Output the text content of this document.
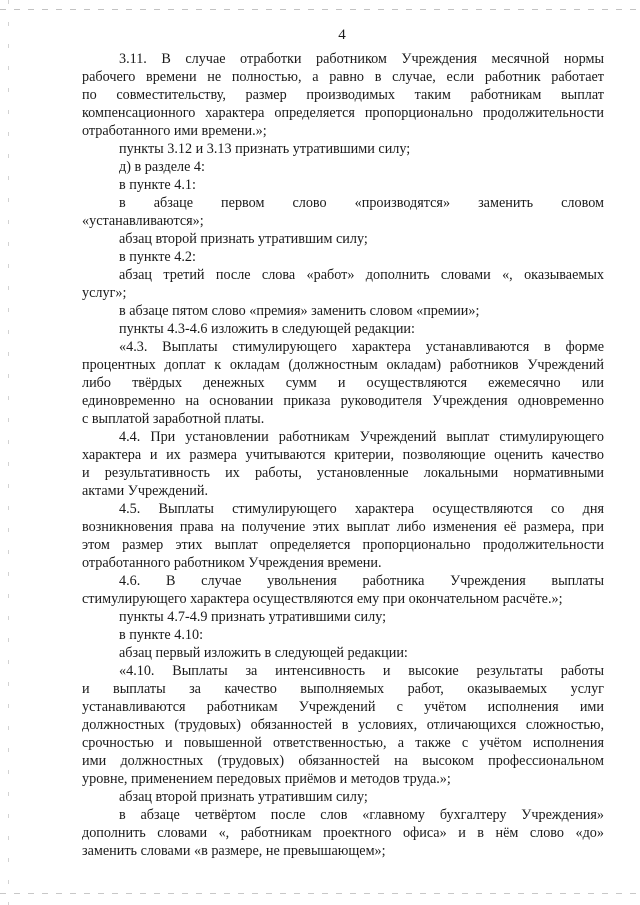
4
3.11. В случае отработки работником Учреждения месячной нормы
рабочего времени не полностью, а равно в случае, если работник работает
по совместительству, размер производимых таким работникам выплат
компенсационного характера определяется пропорционально продолжительности
отработанного ими времени.»;
пункты 3.12 и 3.13 признать утратившими силу;
д) в разделе 4:
в пункте 4.1:
в абзаце первом слово «производятся» заменить словом
«устанавливаются»;
абзац второй признать утратившим силу;
в пункте 4.2:
абзац третий после слова «работ» дополнить словами «, оказываемых
услуг»;
в абзаце пятом слово «премия» заменить словом «премии»;
пункты 4.3-4.6 изложить в следующей редакции:
«4.3. Выплаты стимулирующего характера устанавливаются в форме
процентных доплат к окладам (должностным окладам) работников Учреждений
либо твёрдых денежных сумм и осуществляются ежемесячно или
единовременно на основании приказа руководителя Учреждения одновременно
с выплатой заработной платы.
4.4. При установлении работникам Учреждений выплат стимулирующего
характера и их размера учитываются критерии, позволяющие оценить качество
и результативность их работы, установленные локальными нормативными
актами Учреждений.
4.5. Выплаты стимулирующего характера осуществляются со дня
возникновения права на получение этих выплат либо изменения её размера, при
этом размер этих выплат определяется пропорционально продолжительности
отработанного работником Учреждения времени.
4.6. В случае увольнения работника Учреждения выплаты
стимулирующего характера осуществляются ему при окончательном расчёте.»;
пункты 4.7-4.9 признать утратившими силу;
в пункте 4.10:
абзац первый изложить в следующей редакции:
«4.10. Выплаты за интенсивность и высокие результаты работы
и выплаты за качество выполняемых работ, оказываемых услуг
устанавливаются работникам Учреждений с учётом исполнения ими
должностных (трудовых) обязанностей в условиях, отличающихся сложностью,
срочностью и повышенной ответственностью, а также с учётом исполнения
ими должностных (трудовых) обязанностей на высоком профессиональном
уровне, применением передовых приёмов и методов труда.»;
абзац второй признать утратившим силу;
в абзаце четвёртом после слов «главному бухгалтеру Учреждения»
дополнить словами «, работникам проектного офиса» и в нём слово «до»
заменить словами «в размере, не превышающем»;
